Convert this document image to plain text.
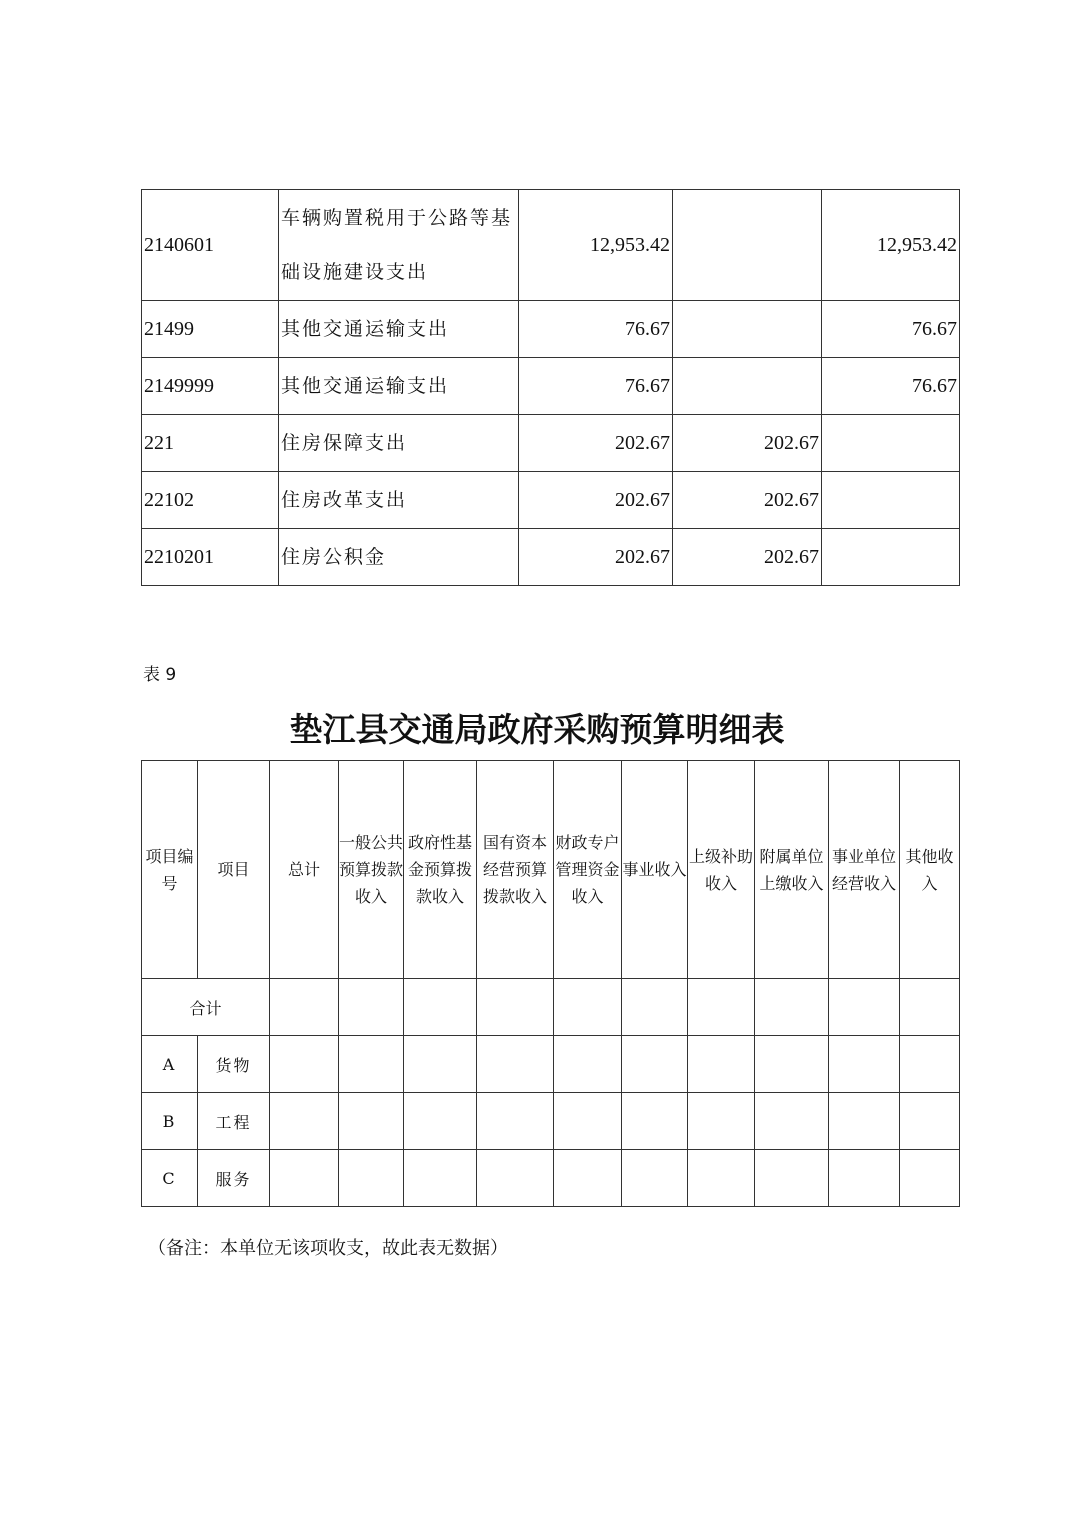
2140601	车辆购置税用于公路等基础设施建设支出	12,953.42		12,953.42
21499	其他交通运输支出	76.67		76.67
2149999	其他交通运输支出	76.67		76.67
221	住房保障支出	202.67	202.67	
22102	住房改革支出	202.67	202.67	
2210201	住房公积金	202.67	202.67	
表 9
垫江县交通局政府采购预算明细表
项目编号	项目	总计	一般公共预算拨款收入	政府性基金预算拨款收入	国有资本经营预算拨款收入	财政专户管理资金收入	事业收入	上级补助收入	附属单位上缴收入	事业单位经营收入	其他收入
合计											
A	货物										
B	工程										
C	服务										
（备注：本单位无该项收支，故此表无数据）
